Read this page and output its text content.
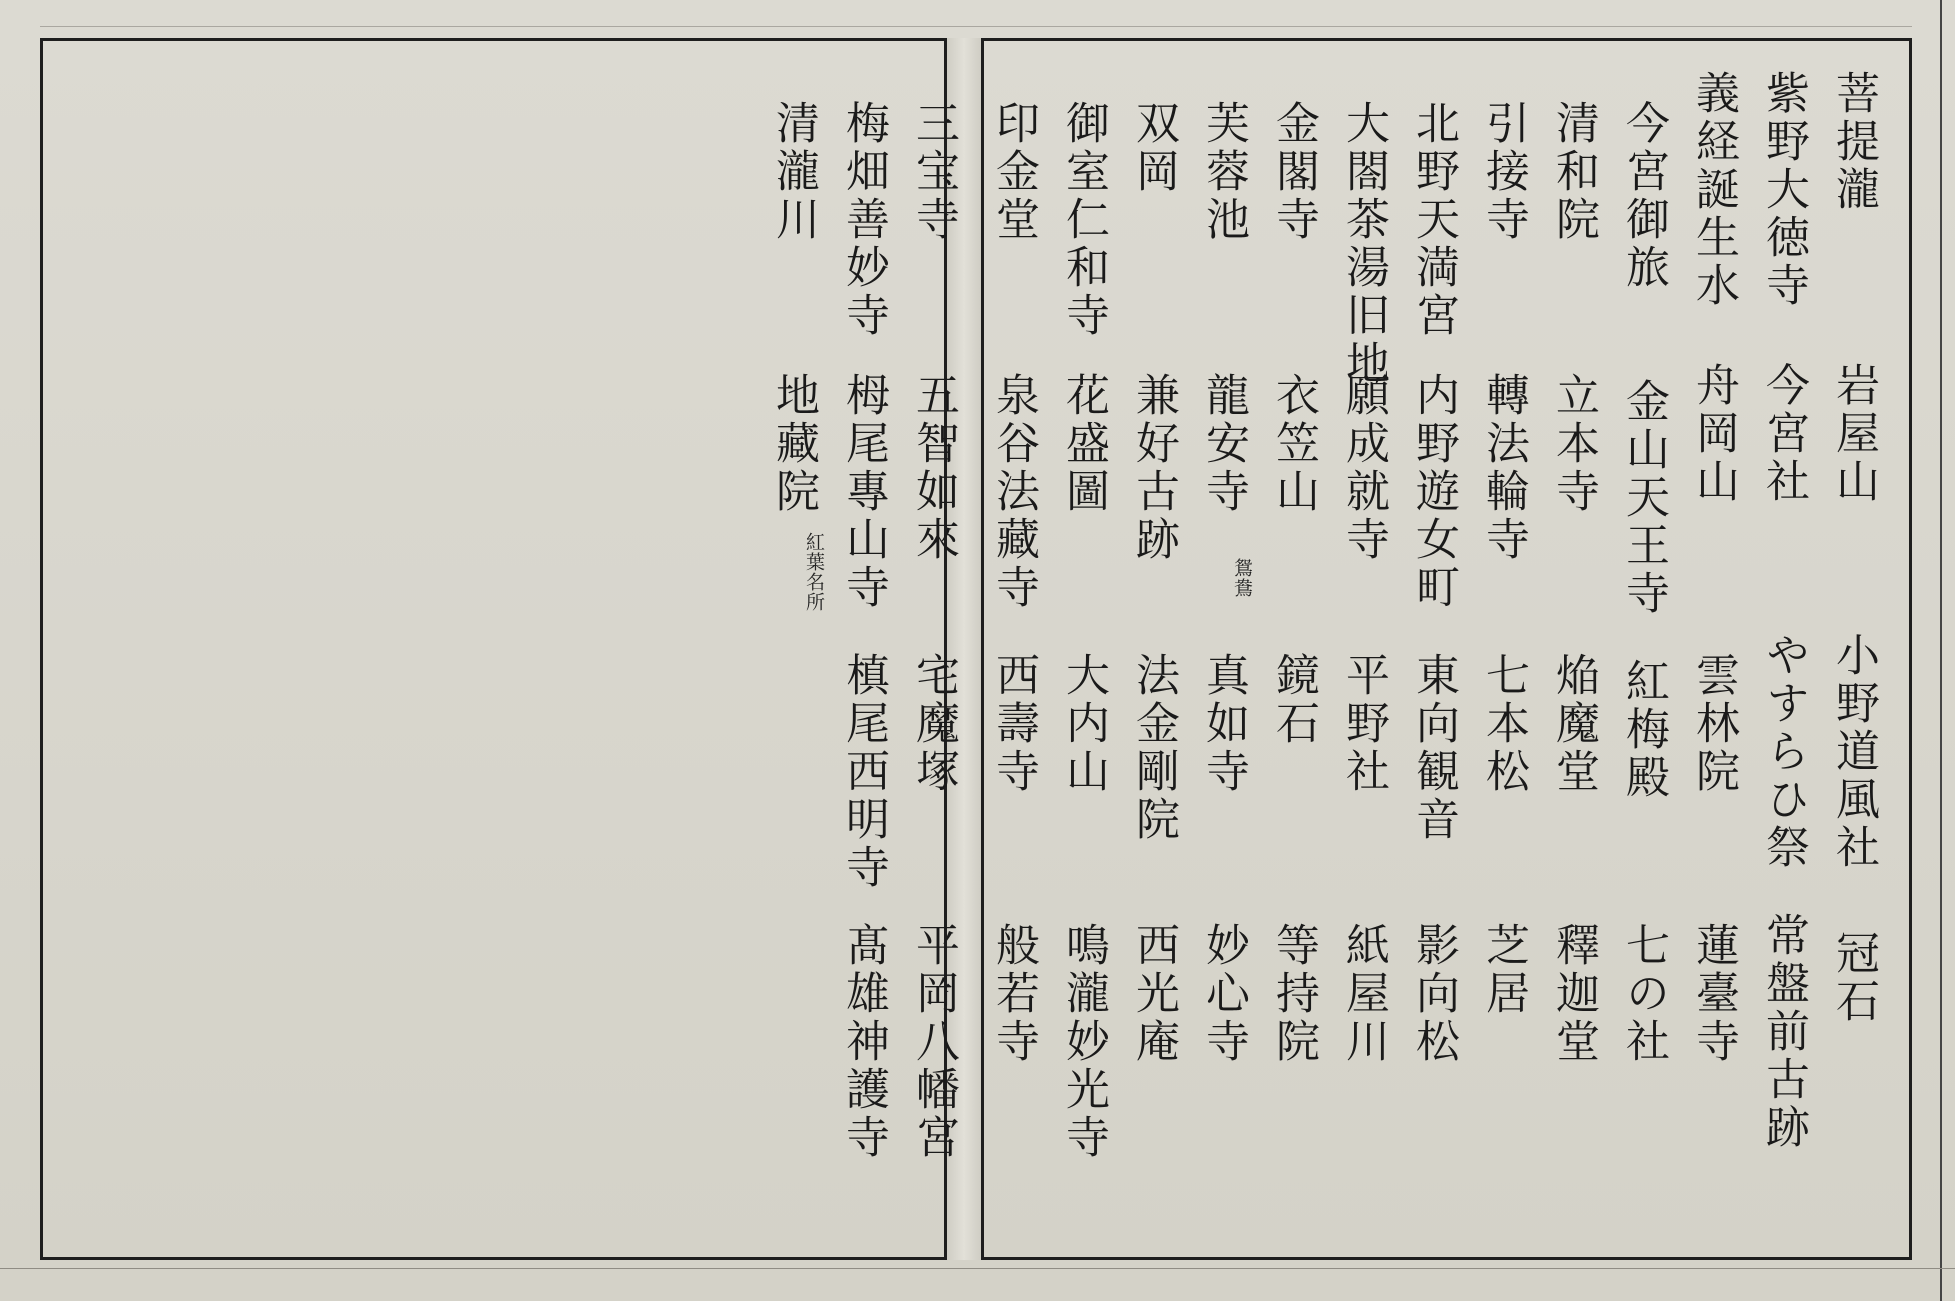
菩提瀧
岩屋山
小野道風社
冠石
紫野大徳寺
今宮社
やすらひ祭
常盤前古跡
義経誕生水
舟岡山
雲林院
蓮臺寺
今宮御旅
金山天王寺
紅梅殿
七の社
清和院
立本寺
焔魔堂
釋迦堂
引接寺
轉法輪寺
七本松
芝居
北野天満宮
内野遊女町
東向観音
影向松
大閤茶湯旧地
願成就寺
平野社
紙屋川
金閣寺
衣笠山
鏡石
等持院
芙蓉池
龍安寺
鴛鴦
真如寺
妙心寺
双岡
兼好古跡
法金剛院
西光庵
御室仁和寺
花盛圖
大内山
鳴瀧妙光寺
印金堂
泉谷法藏寺
西壽寺
般若寺
三宝寺
五智如來
宅魔塚
平岡八幡宮
梅畑善妙寺
栂尾專山寺
槙尾西明寺
髙雄神護寺
清瀧川
地藏院
紅葉名所
